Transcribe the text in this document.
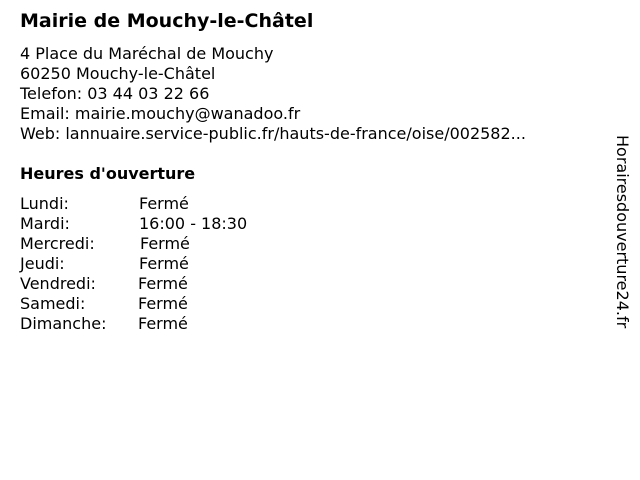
Mairie de Mouchy-le-Châtel
4 Place du Maréchal de Mouchy
60250 Mouchy-le-Châtel
Telefon: 03 44 03 22 66
Email: mairie.mouchy@wanadoo.fr
Web: lannuaire.service-public.fr/hauts-de-france/oise/002582...
Heures d'ouverture
Lundi:	Fermé
Mardi:	16:00 - 18:30
Mercredi:	Fermé
Jeudi:	Fermé
Vendredi:	Fermé
Samedi:	Fermé
Dimanche: Fermé	Horairesdouverture24.fr
